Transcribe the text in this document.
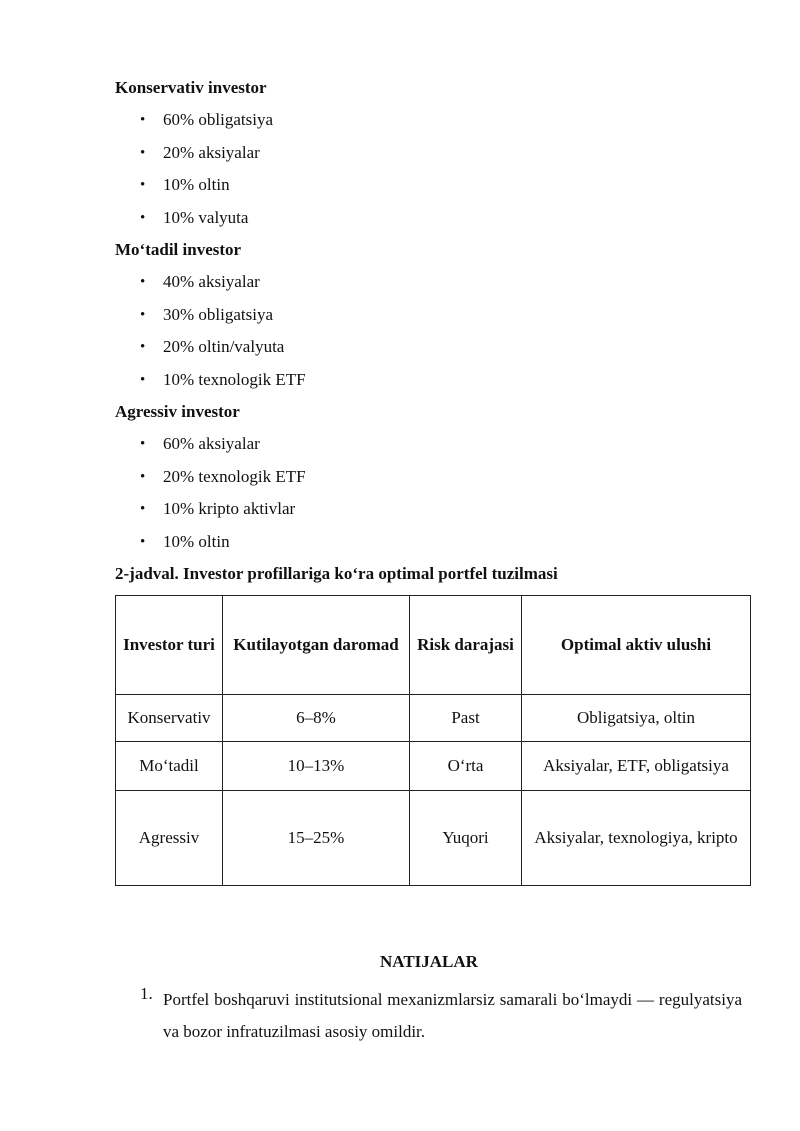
Konservativ investor
• 60% obligatsiya
• 20% aksiyalar
• 10% oltin
• 10% valyuta
Mo‘tadil investor
• 40% aksiyalar
• 30% obligatsiya
• 20% oltin/valyuta
• 10% texnologik ETF
Agressiv investor
• 60% aksiyalar
• 20% texnologik ETF
• 10% kripto aktivlar
• 10% oltin
2-jadval. Investor profillariga ko‘ra optimal portfel tuzilmasi
Investor turi	Kutilayotgan daromad	Risk darajasi	Optimal aktiv ulushi
Konservativ	6–8%	Past	Obligatsiya, oltin
Mo‘tadil	10–13%	O‘rta	Aksiyalar, ETF, obligatsiya
Agressiv	15–25%	Yuqori	Aksiyalar, texnologiya, kripto
NATIJALAR
1. Portfel boshqaruvi institutsional mexanizmlarsiz samarali bo‘lmaydi — regulyatsiya va bozor infratuzilmasi asosiy omildir.
